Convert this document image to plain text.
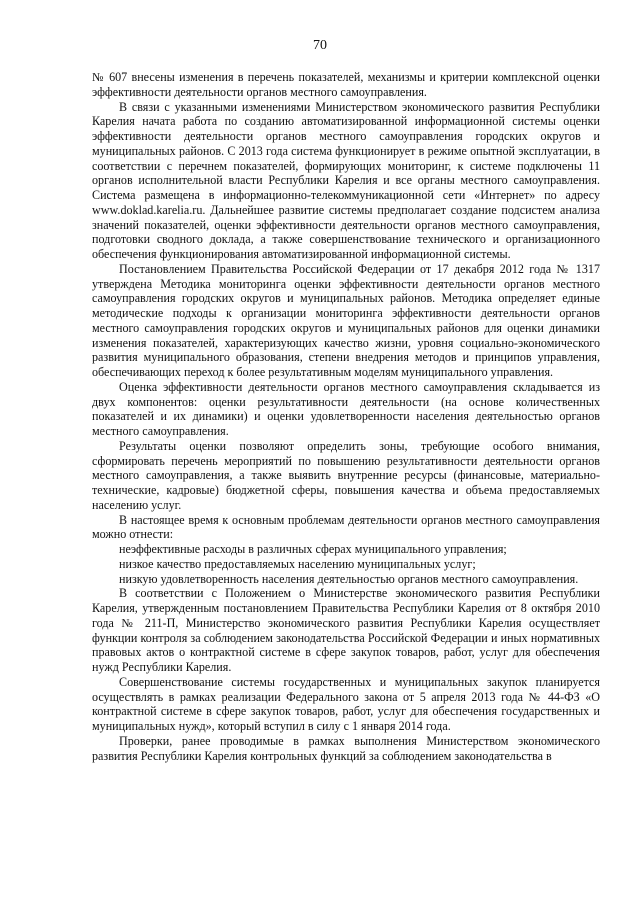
70

№ 607 внесены изменения в перечень показателей, механизмы и критерии комплексной оценки эффективности деятельности органов местного самоуправления.

В связи с указанными изменениями Министерством экономического развития Республики Карелия начата работа по созданию автоматизированной информационной системы оценки эффективности деятельности органов местного самоуправления городских округов и муниципальных районов. С 2013 года система функционирует в режиме опытной эксплуатации, в соответствии с перечнем показателей, формирующих мониторинг, к системе подключены 11 органов исполнительной власти Республики Карелия и все органы местного самоуправления. Система размещена в информационно-телекоммуникационной сети «Интернет» по адресу www.doklad.karelia.ru. Дальнейшее развитие системы предполагает создание подсистем анализа значений показателей, оценки эффективности деятельности органов местного самоуправления, подготовки сводного доклада, а также совершенствование технического и организационного обеспечения функционирования автоматизированной информационной системы.

Постановлением Правительства Российской Федерации от 17 декабря 2012 года № 1317 утверждена Методика мониторинга оценки эффективности деятельности органов местного самоуправления городских округов и муниципальных районов. Методика определяет единые методические подходы к организации мониторинга эффективности деятельности органов местного самоуправления городских округов и муниципальных районов для оценки динамики изменения показателей, характеризующих качество жизни, уровня социально-экономического развития муниципального образования, степени внедрения методов и принципов управления, обеспечивающих переход к более результативным моделям муниципального управления.

Оценка эффективности деятельности органов местного самоуправления складывается из двух компонентов: оценки результативности деятельности (на основе количественных показателей и их динамики) и оценки удовлетворенности населения деятельностью органов местного самоуправления.

Результаты оценки позволяют определить зоны, требующие особого внимания, сформировать перечень мероприятий по повышению результативности деятельности органов местного самоуправления, а также выявить внутренние ресурсы (финансовые, материально-технические, кадровые) бюджетной сферы, повышения качества и объема предоставляемых населению услуг.

В настоящее время к основным проблемам деятельности органов местного самоуправления можно отнести:

неэффективные расходы в различных сферах муниципального управления;

низкое качество предоставляемых населению муниципальных услуг;

низкую удовлетворенность населения деятельностью органов местного самоуправления.

В соответствии с Положением о Министерстве экономического развития Республики Карелия, утвержденным постановлением Правительства Республики Карелия от 8 октября 2010 года № 211-П, Министерство экономического развития Республики Карелия осуществляет функции контроля за соблюдением законодательства Российской Федерации и иных нормативных правовых актов о контрактной системе в сфере закупок товаров, работ, услуг для обеспечения нужд Республики Карелия.

Совершенствование системы государственных и муниципальных закупок планируется осуществлять в рамках реализации Федерального закона от 5 апреля 2013 года № 44-ФЗ «О контрактной системе в сфере закупок товаров, работ, услуг для обеспечения государственных и муниципальных нужд», который вступил в силу с 1 января 2014 года.

Проверки, ранее проводимые в рамках выполнения Министерством экономического развития Республики Карелия контрольных функций за соблюдением законодательства в
